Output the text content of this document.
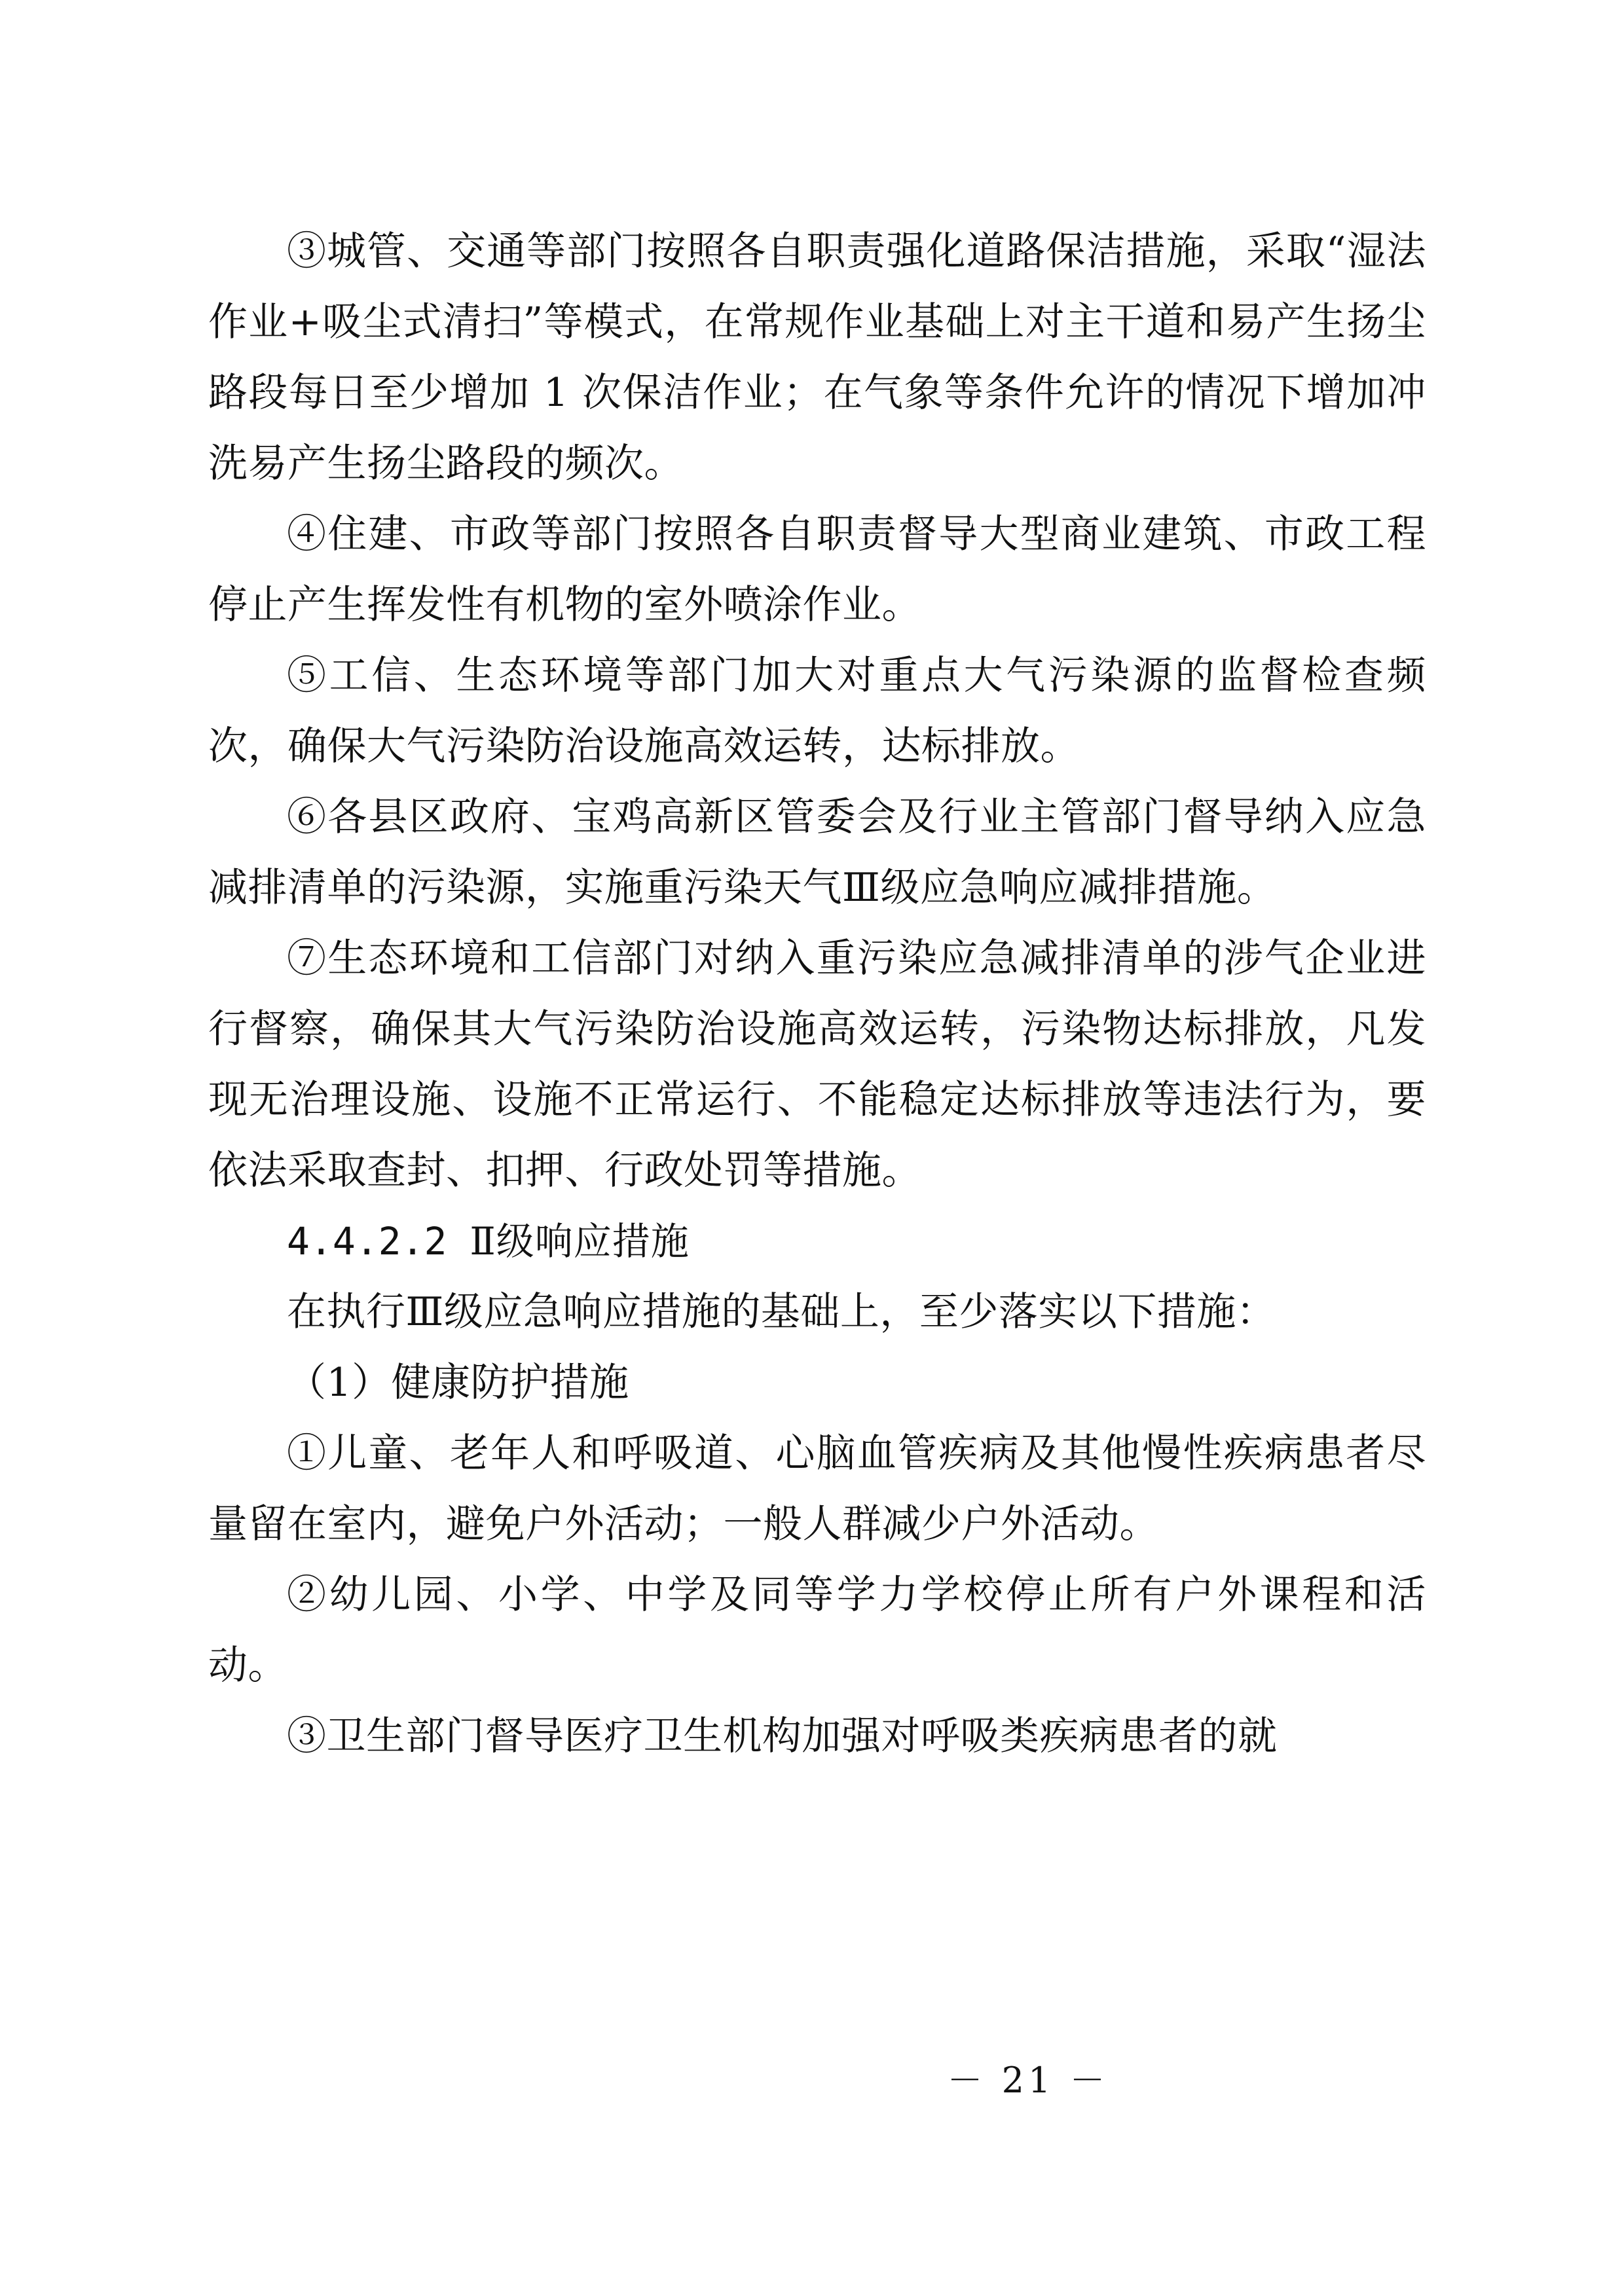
③城管、交通等部门按照各自职责强化道路保洁措施，采取“湿法作业+吸尘式清扫”等模式，在常规作业基础上对主干道和易产生扬尘路段每日至少增加 1 次保洁作业；在气象等条件允许的情况下增加冲洗易产生扬尘路段的频次。

④住建、市政等部门按照各自职责督导大型商业建筑、市政工程停止产生挥发性有机物的室外喷涂作业。

⑤工信、生态环境等部门加大对重点大气污染源的监督检查频次，确保大气污染防治设施高效运转，达标排放。

⑥各县区政府、宝鸡高新区管委会及行业主管部门督导纳入应急减排清单的污染源，实施重污染天气Ⅲ级应急响应减排措施。

⑦生态环境和工信部门对纳入重污染应急减排清单的涉气企业进行督察，确保其大气污染防治设施高效运转，污染物达标排放，凡发现无治理设施、设施不正常运行、不能稳定达标排放等违法行为，要依法采取查封、扣押、行政处罚等措施。

4.4.2.2 Ⅱ级响应措施

在执行Ⅲ级应急响应措施的基础上，至少落实以下措施：

（1）健康防护措施

①儿童、老年人和呼吸道、心脑血管疾病及其他慢性疾病患者尽量留在室内，避免户外活动；一般人群减少户外活动。

②幼儿园、小学、中学及同等学力学校停止所有户外课程和活动。

③卫生部门督导医疗卫生机构加强对呼吸类疾病患者的就

－ 21 －
